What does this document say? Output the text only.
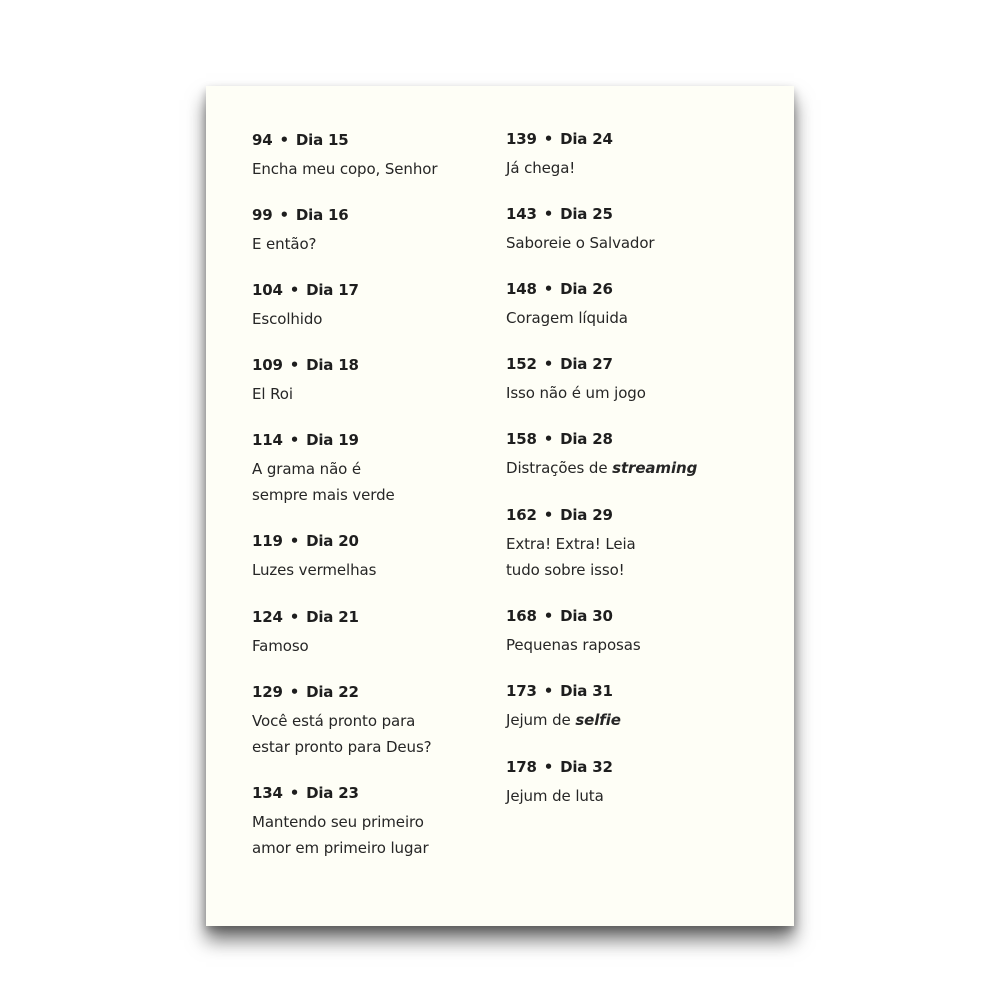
94 • Dia 15
Encha meu copo, Senhor
99 • Dia 16
E então?
104 • Dia 17
Escolhido
109 • Dia 18
El Roi
114 • Dia 19
A grama não é
sempre mais verde
119 • Dia 20
Luzes vermelhas
124 • Dia 21
Famoso
129 • Dia 22
Você está pronto para
estar pronto para Deus?
134 • Dia 23
Mantendo seu primeiro
amor em primeiro lugar
139 • Dia 24
Já chega!
143 • Dia 25
Saboreie o Salvador
148 • Dia 26
Coragem líquida
152 • Dia 27
Isso não é um jogo
158 • Dia 28
Distrações de streaming
162 • Dia 29
Extra! Extra! Leia
tudo sobre isso!
168 • Dia 30
Pequenas raposas
173 • Dia 31
Jejum de selfie
178 • Dia 32
Jejum de luta
